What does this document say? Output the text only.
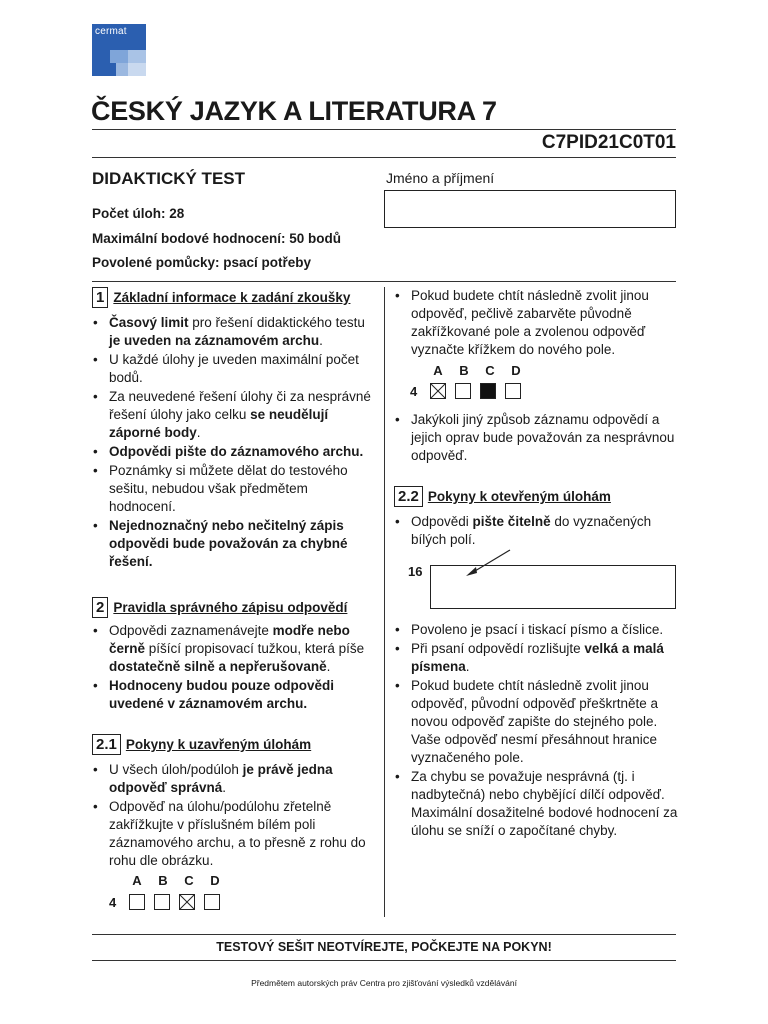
cermat
ČESKÝ JAZYK A LITERATURA 7
C7PID21C0T01
DIDAKTICKÝ TEST
Počet úloh: 28
Maximální bodové hodnocení: 50 bodů
Povolené pomůcky: psací potřeby
Jméno a příjmení
1 Základní informace k zadání zkoušky
• Časový limit pro řešení didaktického testu je uveden na záznamovém archu.
• U každé úlohy je uveden maximální počet bodů.
• Za neuvedené řešení úlohy či za nesprávné řešení úlohy jako celku se neudělují záporné body.
• Odpovědi pište do záznamového archu.
• Poznámky si můžete dělat do testového sešitu, nebudou však předmětem hodnocení.
• Nejednoznačný nebo nečitelný zápis odpovědi bude považován za chybné řešení.
2 Pravidla správného zápisu odpovědí
• Odpovědi zaznamenávejte modře nebo černě píšící propisovací tužkou, která píše dostatečně silně a nepřerušovaně.
• Hodnoceny budou pouze odpovědi uvedené v záznamovém archu.
2.1 Pokyny k uzavřeným úlohám
• U všech úloh/podúloh je právě jedna odpověď správná.
• Odpověď na úlohu/podúlohu zřetelně zakřížkujte v příslušném bílém poli záznamového archu, a to přesně z rohu do rohu dle obrázku.
A B C D
4
• Pokud budete chtít následně zvolit jinou odpověď, pečlivě zabarvěte původně zakřížkované pole a zvolenou odpověď vyznačte křížkem do nového pole.
A B C D
4
• Jakýkoli jiný způsob záznamu odpovědí a jejich oprav bude považován za nesprávnou odpověď.
2.2 Pokyny k otevřeným úlohám
• Odpovědi pište čitelně do vyznačených bílých polí.
16
• Povoleno je psací i tiskací písmo a číslice.
• Při psaní odpovědí rozlišujte velká a malá písmena.
• Pokud budete chtít následně zvolit jinou odpověď, původní odpověď přeškrtněte a novou odpověď zapište do stejného pole. Vaše odpověď nesmí přesáhnout hranice vyznačeného pole.
• Za chybu se považuje nesprávná (tj. i nadbytečná) nebo chybějící dílčí odpověď. Maximální dosažitelné bodové hodnocení za úlohu se sníží o započítané chyby.
TESTOVÝ SEŠIT NEOTVÍREJTE, POČKEJTE NA POKYN!
Předmětem autorských práv Centra pro zjišťování výsledků vzdělávání
